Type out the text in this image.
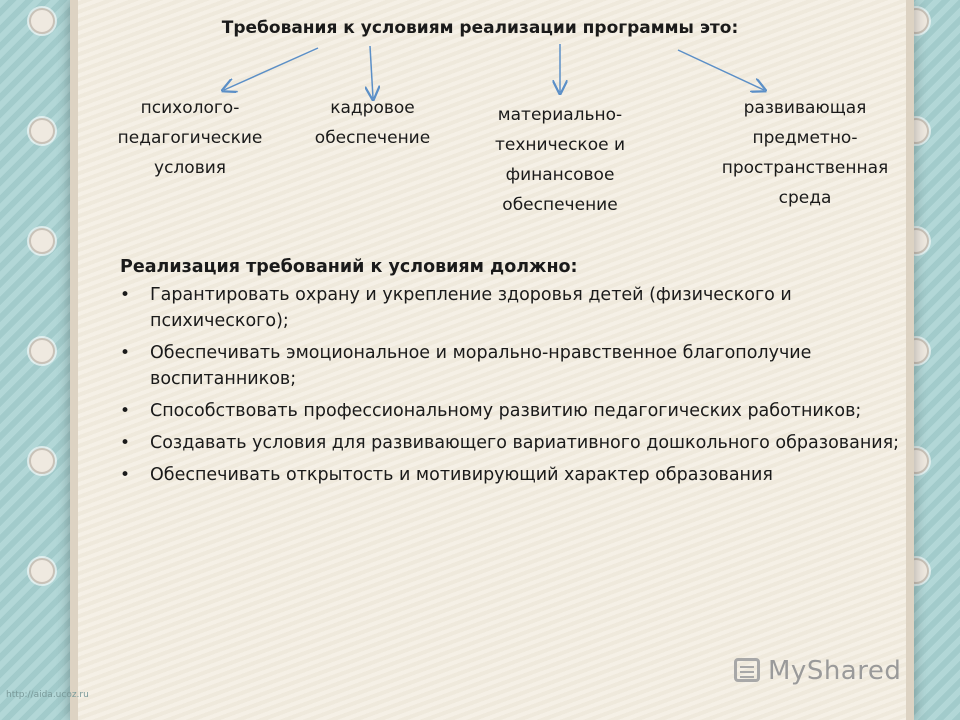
Требования к условиям реализации программы это:
психолого-
педагогические
условия
кадровое
обеспечение
материально-
техническое и
финансовое
обеспечение
развивающая
предметно-
пространственная
среда
Реализация требований к условиям должно:
• Гарантировать охрану и укрепление здоровья детей (физического и психического);
• Обеспечивать эмоциональное и морально-нравственное благополучие воспитанников;
• Способствовать профессиональному развитию педагогических работников;
• Создавать условия для развивающего вариативного дошкольного образования;
• Обеспечивать открытость и мотивирующий характер образования
MyShared
http://aida.ucoz.ru
